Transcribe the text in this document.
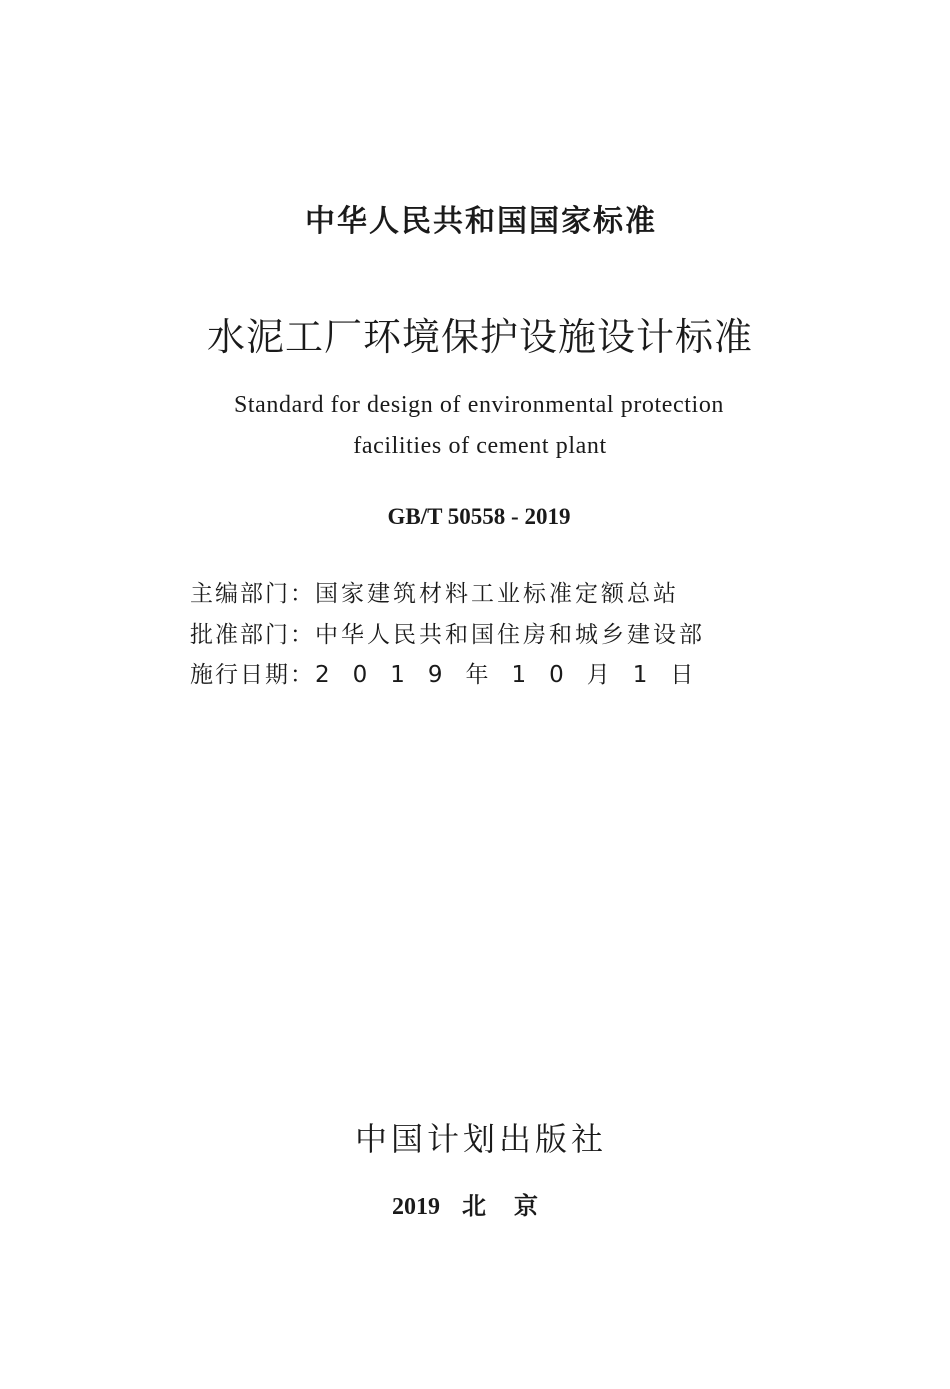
中华人民共和国国家标准
水泥工厂环境保护设施设计标准
Standard for design of environmental protection
facilities of cement plant
GB/T 50558 - 2019
主编部门：国家建筑材料工业标准定额总站
批准部门：中华人民共和国住房和城乡建设部
施行日期：2019年10月1日
中国计划出版社
2019 北京
